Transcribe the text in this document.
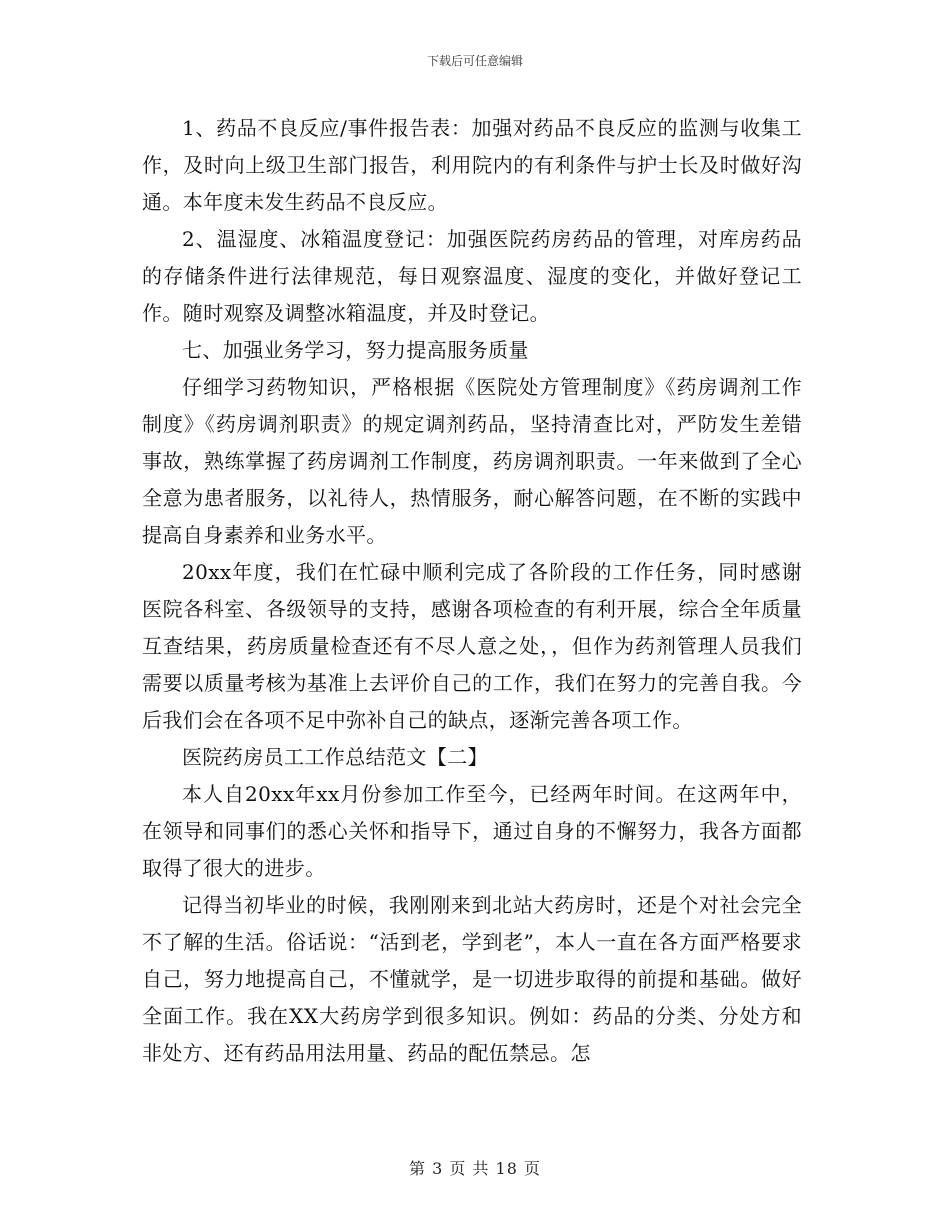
下载后可任意编辑

1、药品不良反应/事件报告表：加强对药品不良反应的监测与收集工作，及时向上级卫生部门报告，利用院内的有利条件与护士长及时做好沟通。本年度未发生药品不良反应。

2、温湿度、冰箱温度登记：加强医院药房药品的管理，对库房药品的存储条件进行法律规范，每日观察温度、湿度的变化，并做好登记工作。随时观察及调整冰箱温度，并及时登记。

七、加强业务学习，努力提高服务质量

仔细学习药物知识，严格根据《医院处方管理制度》《药房调剂工作制度》《药房调剂职责》的规定调剂药品，坚持清查比对，严防发生差错事故，熟练掌握了药房调剂工作制度，药房调剂职责。一年来做到了全心全意为患者服务，以礼待人，热情服务，耐心解答问题，在不断的实践中提高自身素养和业务水平。

20xx年度，我们在忙碌中顺利完成了各阶段的工作任务，同时感谢医院各科室、各级领导的支持，感谢各项检查的有利开展，综合全年质量互查结果，药房质量检查还有不尽人意之处，，但作为药剂管理人员我们需要以质量考核为基准上去评价自己的工作，我们在努力的完善自我。今后我们会在各项不足中弥补自己的缺点，逐渐完善各项工作。

医院药房员工工作总结范文【二】

本人自20xx年xx月份参加工作至今，已经两年时间。在这两年中，在领导和同事们的悉心关怀和指导下，通过自身的不懈努力，我各方面都取得了很大的进步。

记得当初毕业的时候，我刚刚来到北站大药房时，还是个对社会完全不了解的生活。俗话说：“活到老，学到老”，本人一直在各方面严格要求自己，努力地提高自己，不懂就学，是一切进步取得的前提和基础。做好全面工作。我在XX大药房学到很多知识。例如：药品的分类、分处方和非处方、还有药品用法用量、药品的配伍禁忌。怎

第 3 页 共 18 页
